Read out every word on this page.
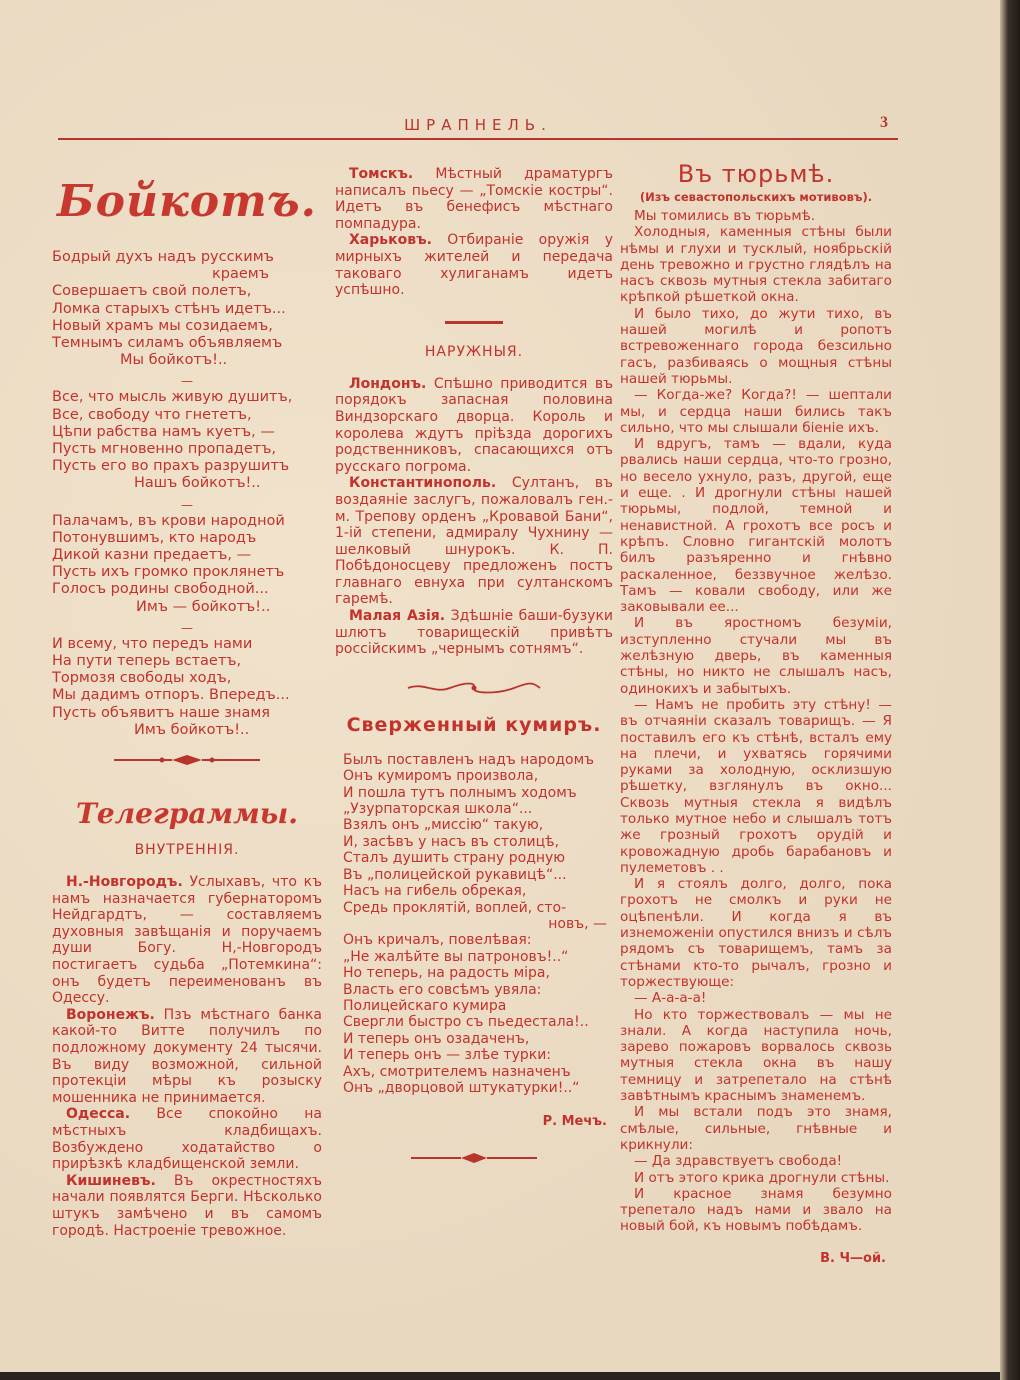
ШРАПНЕЛЬ.	3
Бойкотъ.
Бодрый духъ надъ русскимъ
краемъ
Совершаетъ свой полетъ,
Ломка старыхъ стѣнъ идетъ...
Новый храмъ мы созидаемъ,
Темнымъ силамъ объявляемъ
Мы бойкотъ!..
—
Все, что мысль живую душитъ,
Все, свободу что гнететъ,
Цѣпи рабства намъ куетъ, —
Пусть мгновенно пропадетъ,
Пусть его во прахъ разрушитъ
Нашъ бойкотъ!..
—
Палачамъ, въ крови народной
Потонувшимъ, кто народъ
Дикой казни предаетъ, —
Пусть ихъ громко проклянетъ
Голосъ родины свободной...
Имъ — бойкотъ!..
—
И всему, что передъ нами
На пути теперь встаетъ,
Тормозя свободы ходъ,
Мы дадимъ отпоръ. Впередъ...
Пусть объявитъ наше знамя
Имъ бойкотъ!..
Телеграммы.
ВНУТРЕННІЯ.

Н.-Новгородъ. Услыхавъ, что къ намъ назначается губернаторомъ Нейдгардтъ, — составляемъ духовныя завѣщанія и поручаемъ души Богу. Н,-Новгородъ постигаетъ судьба „Потемкина“: онъ будетъ переименованъ въ Одессу.

Воронежъ. Пзъ мѣстнаго банка какой-то Витте получилъ по подложному документу 24 тысячи. Въ виду возможной, сильной протекціи мѣры къ розыску мошенника не принимается.

Одесса. Все спокойно на мѣстныхъ кладбищахъ. Возбуждено ходатайство о прирѣзкѣ кладбищенской земли.

Кишиневъ. Въ окрестностяхъ начали появлятся Берги. Нѣсколько штукъ замѣчено и въ самомъ городѣ. Настроеніе тревожное.

Томскъ. Мѣстный драматургъ написалъ пьесу — „Томскіе костры“. Идетъ въ бенефисъ мѣстнаго помпадура.

Харьковъ. Отбираніе оружія у мирныхъ жителей и передача таковаго хулиганамъ идетъ успѣшно.

НАРУЖНЫЯ.

Лондонъ. Спѣшно приводится въ порядокъ запасная половина Виндзорскаго дворца. Король и королева ждутъ пріѣзда дорогихъ родственниковъ, спасающихся отъ русскаго погрома.

Константинополь. Султанъ, въ воздаяніе заслугъ, пожаловалъ ген.-м. Трепову орденъ „Кровавой Бани“, 1-ій степени, адмиралу Чухнину — шелковый шнурокъ. К. П. Побѣдоносцеву предложенъ постъ главнаго евнуха при султанскомъ гаремѣ.

Малая Азія. Здѣшніе баши-бузуки шлютъ товарищескій привѣтъ россійскимъ „чернымъ сотнямъ“.

Сверженный кумиръ.
Былъ поставленъ надъ народомъ
Онъ кумиромъ произвола,
И пошла тутъ полнымъ ходомъ
„Узурпаторская школа“...
Взялъ онъ „миссію“ такую,
И, засѣвъ у насъ въ столицѣ,
Сталъ душить страну родную
Въ „полицейской рукавицѣ“...
Насъ на гибель обрекая,
Средь проклятій, воплей, сто-
новъ, —
Онъ кричалъ, повелѣвая:
„Не жалѣйте вы патроновъ!..“
Но теперь, на радость міра,
Власть его совсѣмъ увяла:
Полицейскаго кумира
Свергли быстро съ пьедестала!..
И теперь онъ озадаченъ,
И теперь онъ — злѣе турки:
Ахъ, смотрителемъ назначенъ
Онъ „дворцовой штукатурки!..“
Р. Мечъ.
Въ тюрьмѣ.
(Изъ севастопольскихъ мотивовъ).

Мы томились въ тюрьмѣ.

Холодныя, каменныя стѣны были нѣмы и глухи и тусклый, ноябрьскій день тревожно и грустно глядѣлъ на насъ сквозь мутныя стекла забитаго крѣпкой рѣшеткой окна.

И было тихо, до жути тихо, въ нашей могилѣ и ропотъ встревоженнаго города безсильно гасъ, разбиваясь о мощныя стѣны нашей тюрьмы.

— Когда-же? Когда?! — шептали мы, и сердца наши бились такъ сильно, что мы слышали біеніе ихъ.

И вдругъ, тамъ — вдали, куда рвались наши сердца, что-то грозно, но весело ухнуло, разъ, другой, еще и еще. . И дрогнули стѣны нашей тюрьмы, подлой, темной и ненавистной. А грохотъ все росъ и крѣпъ. Словно гигантскій молотъ билъ разъяренно и гнѣвно раскаленное, беззвучное желѣзо. Тамъ — ковали свободу, или же заковывали ее...

И въ яростномъ безуміи, изступленно стучали мы въ желѣзную дверь, въ каменныя стѣны, но никто не слышалъ насъ, одинокихъ и забытыхъ.

— Намъ не пробить эту стѣну! — въ отчаяніи сказалъ товарищъ. — Я поставилъ его къ стѣнѣ, всталъ ему на плечи, и ухватясь горячими руками за холодную, осклизшую рѣшетку, взглянулъ въ окно... Сквозь мутныя стекла я видѣлъ только мутное небо и слышалъ тотъ же грозный грохотъ орудій и кровожадную дробь барабановъ и пулеметовъ . .

И я стоялъ долго, долго, пока грохотъ не смолкъ и руки не оцѣпенѣли. И когда я въ изнеможеніи опустился внизъ и сѣлъ рядомъ съ товарищемъ, тамъ за стѣнами кто-то рычалъ, грозно и торжествующе:

— А-а-а-а!

Но кто торжествовалъ — мы не знали. А когда наступила ночь, зарево пожаровъ ворвалось сквозь мутныя стекла окна въ нашу темницу и затрепетало на стѣнѣ завѣтнымъ краснымъ знаменемъ.

И мы встали подъ это знамя, смѣлые, сильные, гнѣвные и крикнули:

— Да здравствуетъ свобода!

И отъ этого крика дрогнули стѣны.

И красное знамя безумно трепетало надъ нами и звало на новый бой, къ новымъ побѣдамъ.

В. Ч—ой.
